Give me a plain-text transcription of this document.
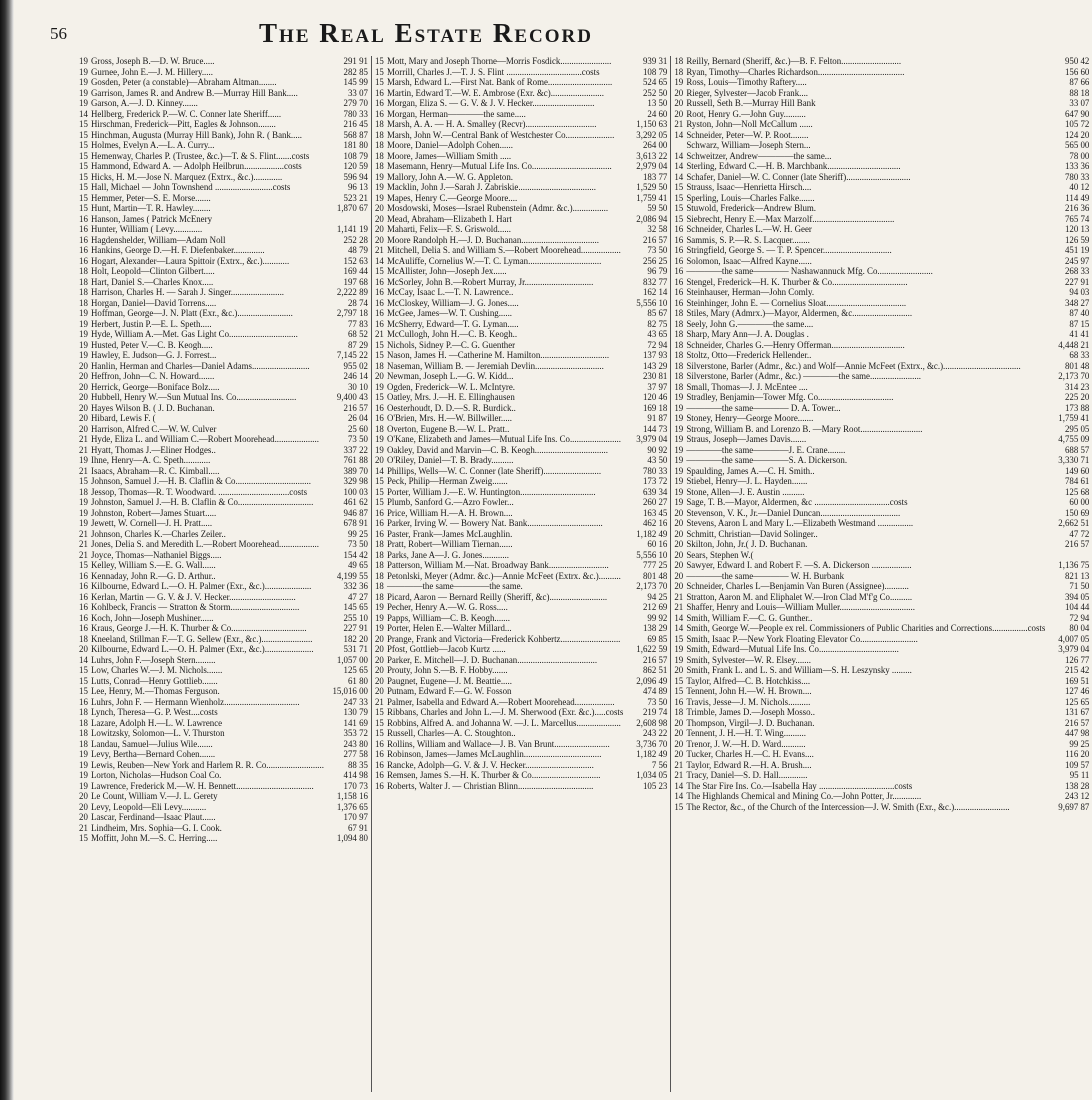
56	The Real Estate Record
19 Gross, Joseph B.—D. W. Bruce.....	291 91
19 Gurnee, John E.—J. M. Hillery.....	282 85
19 Gosden, Peter (a constable)—Abraham Altman........	145 99
19 Garrison, James R. and Andrew B.—Murray Hill Bank.....	33 07
19 Garson, A.—J. D. Kinney.......	279 70
14 Hellberg, Frederick P.—W. C. Conner late Sheriff......	780 33
15 Hirschman, Frederick—Pitt, Eagles & Johnson........	216 45
15 Hinchman, Augusta (Murray Hill Bank), John R. ( Bank.....	568 87
15 Holmes, Evelyn A.—L. A. Curry...	181 80
15 Hemenway, Charles P. (Trustee, &c.)—T. & S. Flint.......costs	108 79
15 Hammond, Edward A. — Adolph Heilbrun..................costs	120 59
15 Hicks, H. M.—Jose N. Marquez (Extrx., &c.).............	596 94
15 Hall, Michael — John Townshend ..........................costs	96 13
15 Hemmer, Peter—S. E. Morse.......	523 21
15 Hunt, Martin—T. R. Hawley........	1,870 67
16 Hanson, James ( Patrick McEnery
16 Hunter, William ( Levy.............	1,141 19
16 Hagdenshelder, William—Adam Noll	252 28
16 Hankins, George D.—H. F. Diefenbaker..............	48 79
16 Hogart, Alexander—Laura Spittoir (Extrx., &c.)............	152 63
18 Holt, Leopold—Clinton Gilbert.....	169 44
18 Hart, Daniel S.—Charles Knox.....	197 68
18 Harrison, Charles H. — Sarah J. Singer........................	2,222 89
18 Horgan, Daniel—David Torrens.....	28 74
19 Hoffman, George—J. N. Platt (Exr., &c.).........................	2,797 18
19 Herbert, Justin P.—E. L. Speth.....	77 83
19 Hyde, William A.—Met. Gas Light Co...............................	68 52
19 Husted, Peter V.—C. B. Keogh.....	87 29
19 Hawley, E. Judson—G. J. Forrest...	7,145 22
20 Hanlin, Herman and Charles—Daniel Adams..........................	955 02
20 Heffron, John—C. N. Howard.......	246 14
20 Herrick, George—Boniface Bolz.....	30 10
20 Hubbell, Henry W.—Sun Mutual Ins. Co...........................	9,400 43
20 Hayes Wilson B. ( J. D. Buchanan.	216 57
20 Hibard, Lewis F. (	26 04
20 Harrison, Alfred C.—W. W. Culver	25 60
21 Hyde, Eliza L. and William C.—Robert Moorehead....................	73 50
21 Hyatt, Thomas J.—Eliner Hodges..	337 22
19 Ihne, Henry—A. C. Speth............	761 88
21 Isaacs, Abraham—R. C. Kimball.....	389 70
15 Johnson, Samuel J.—H. B. Claflin & Co..................................	329 98
18 Jessop, Thomas—R. T. Woodward. ................................costs	100 03
19 Johnston, Samuel J.—H. B. Claflin & Co..................................	461 62
19 Johnston, Robert—James Stuart.....	946 87
19 Jewett, W. Cornell—J. H. Pratt.....	678 91
21 Johnson, Charles K.—Charles Zeiler..	99 25
21 Jones, Delia S. and Meredith L.—Robert Moorehead..................	73 50
21 Joyce, Thomas—Nathaniel Biggs.....	154 42
15 Kelley, William S.—E. G. Wall......	49 65
16 Kennaday, John R.—G. D. Arthur..	4,199 55
16 Kilbourne, Edward L.—O. H. Palmer (Exr., &c.).....................	332 36
16 Kerlan, Martin — G. V. & J. V. Hecker..............................	47 27
16 Kohlbeck, Francis — Stratton & Storm...............................	145 65
16 Koch, John—Joseph Mushiner......	255 10
16 Kraus, George J.—H. K. Thurber & Co..................................	227 91
18 Kneeland, Stillman F.—T. G. Sellew (Exr., &c.).......................	182 20
20 Kilbourne, Edward L.—O. H. Palmer (Exr., &c.)......................	531 71
14 Luhrs, John F.—Joseph Stern.........	1,057 00
15 Low, Charles W.—J. M. Nichols.......	125 65
15 Lutts, Conrad—Henry Gottlieb.......	61 80
15 Lee, Henry, M.—Thomas Ferguson.	15,016 00
16 Luhrs, John F. — Hermann Wienholz..................................	247 33
18 Lynch, Theresa—G. P. West....costs	130 79
18 Lazare, Adolph H.—L. W. Lawrence	141 69
18 Lowitzsky, Solomon—L. V. Thurston	353 72
18 Landau, Samuel—Julius Wile.......	243 80
19 Levy, Bertha—Bernard Cohen.......	277 58
19 Lewis, Reuben—New York and Harlem R. R. Co..........................	88 35
19 Lorton, Nicholas—Hudson Coal Co.	414 98
19 Lawrence, Frederick M.—W. H. Bennett...................................	170 73
20 Le Count, William V.—J. L. Gerety	1,158 16
20 Levy, Leopold—Eli Levy...........	1,376 65
20 Lascar, Ferdinand—Isaac Plaut......	170 97
21 Lindheim, Mrs. Sophia—G. I. Cook.	67 91
15 Moffitt, John M.—S. C. Herring.....	1,094 80
15 Mott, Mary and Joseph Thorne—Morris Fosdick.......................	939 31
15 Morrill, Charles J.—T. J. S. Flint ..................................costs	108 79
15 Marsh, Edward L.—First Nat. Bank of Rome.............................	524 65
16 Martin, Edward T.—W. E. Ambrose (Exr. &c)........................	252 50
16 Morgan, Eliza S. — G. V. & J. V. Hecker............................	13 50
16 Morgan, Herman————the same.....	24 60
18 Marsh, A. A. — H. A. Smalley (Recvr)................................	1,150 63
18 Marsh, John W.—Central Bank of Westchester Co......................	3,292 05
18 Moore, Daniel—Adolph Cohen......	264 00
18 Moore, James—William Smith .....	3,613 22
18 Masemann, Henry—Mutual Life Ins. Co....................................	2,979 04
19 Mallory, John A.—W. G. Appleton.	183 77
19 Macklin, John J.—Sarah J. Zabriskie...................................	1,529 50
19 Mapes, Henry C.—George Moore....	1,759 41
20 Mosdowski, Moses—Israel Rubenstein (Admr. &c.)................	59 50
20 Mead, Abraham—Elizabeth I. Hart	2,086 94
20 Maharti, Felix—F. S. Griswold......	32 58
20 Moore Randolph H.—J. D. Buchanan...................................	216 57
21 Mitchell, Delia S. and William S.—Robert Moorehead..................	73 50
14 McAuliffe, Cornelius W.—T. C. Lyman.................................	256 25
15 McAllister, John—Joseph Jex......	96 79
16 McSorley, John B.—Robert Murray, Jr...............................	832 77
16 McCay, Isaac L.—T. N. Lawrence..	162 14
16 McCloskey, William—J. G. Jones.....	5,556 10
16 McGee, James—W. T. Cushing......	85 67
16 McSherry, Edward—T. G. Lyman.....	82 75
21 McCullogh, John H.—C. B. Keogh..	43 65
15 Nichols, Sidney P.—C. G. Guenther	72 94
15 Nason, James H. —Catherine M. Hamilton...............................	137 93
18 Naseman, William B. — Jeremiah Devlin...............................	143 29
20 Newman, Joseph L.—G. W. Kidd...	230 81
19 Ogden, Frederick—W. L. McIntyre.	37 97
15 Oatley, Mrs. J.—H. E. Ellinghausen	120 46
16 Oesterhoudt, D. D.—S. R. Burdick..	169 18
16 O'Brien, Mrs. H.—W. Billwiller.....	91 87
18 Overton, Eugene B.—W. L. Pratt..	144 73
19 O'Kane, Elizabeth and James—Mutual Life Ins. Co.......................	3,979 04
19 Oakley, David and Marvin—C. B. Keogh.................................	90 92
20 O'Riley, Daniel—T. B. Brady..........	43 50
14 Phillips, Wells—W. C. Conner (late Sheriff)..........................	780 33
15 Peck, Philip—Herman Zweig.......	173 72
15 Porter, William J.—E. W. Huntington..................................	639 34
15 Plumb, Sanford G.—Azro Fowler...	260 27
16 Price, William H.—A. H. Brown....	163 45
16 Parker, Irving W. — Bowery Nat. Bank..................................	462 16
16 Paster, Frank—James McLaughlin.	1,182 49
18 Pratt, Robert—William Tiernan......	60 16
18 Parks, Jane A—J. G. Jones............	5,556 10
18 Patterson, William M.—Nat. Broadway Bank...........................	777 25
18 Petonlski, Meyer (Admr. &c.)—Annie McFeet (Extrx. &c.)..........	801 48
18 ————the same————the same.	2,173 70
18 Picard, Aaron — Bernard Reilly (Sheriff, &c)..........................	94 25
19 Pecher, Henry A.—W. G. Ross.....	212 69
19 Papps, William—C. B. Keogh.......	99 92
19 Porter, Helen E.—Walter Millard...	138 29
20 Prange, Frank and Victoria—Frederick Kohbertz...........................	69 85
20 Pfost, Gottlieb—Jacob Kurtz ......	1,622 59
20 Parker, E. Mitchell—J. D. Buchanan....................................	216 57
20 Prouty, John S.—B. F. Hobby.......	862 51
20 Paugnet, Eugene—J. M. Beattie.....	2,096 49
20 Putnam, Edward F.—G. W. Fosson	474 89
21 Palmer, Isabella and Edward A.—Robert Moorehead..................	73 50
15 Ribbans, Charles and John L.—J. M. Sherwood (Exr. &c.).....costs	219 74
15 Robbins, Alfred A. and Johanna W. —J. L. Marcellus....................	2,608 98
15 Russell, Charles—A. C. Stoughton..	243 22
16 Rollins, William and Wallace—J. B. Van Brunt.........................	3,736 70
16 Robinson, James—James McLaughlin...................................	1,182 49
16 Rancke, Adolph—G. V. & J. V. Hecker...............................	7 56
16 Remsen, James S.—H. K. Thurber & Co...............................	1,034 05
16 Roberts, Walter J. — Christian Blinn..................................	105 23
18 Reilly, Bernard (Sheriff, &c.)—B. F. Felton...........................	950 42
18 Ryan, Timothy—Charles Richardson.......................................	156 60
19 Ross, Louis—Timothy Raftery.....	87 66
20 Rieger, Sylvester—Jacob Frank....	88 18
20 Russell, Seth B.—Murray Hill Bank	33 07
20 Root, Henry G.—John Guy..........	647 90
21 Ryston, John—Noll McCallum ......	105 72
14 Schneider, Peter—W. P. Root........	124 20
Schwarz, William—Joseph Stern...	565 00
14 Schweitzer, Andrew————the same...	78 00
14 Sterling, Edward C.—H. B. Marchbank.................................	133 36
14 Schafer, Daniel—W. C. Conner (late Sheriff).............................	780 33
15 Strauss, Isaac—Henrietta Hirsch....	40 12
15 Sperling, Louis—Charles Falke.......	114 49
15 Stuwold, Frederick—Andrew Blum.	216 36
15 Siebrecht, Henry E.—Max Marzolf.....................................	765 74
16 Schneider, Charles L.—W. H. Geer	120 13
16 Sammis, S. P.—R. S. Lacquer........	126 59
16 Stringfield, George S. — T. P. Spencer...............................	451 19
16 Solomon, Isaac—Alfred Kayne......	245 97
16 ————the same———— Nashawannuck Mfg. Co.........................	268 33
16 Stengel, Frederick—H. K. Thurber & Co..................................	227 91
16 Steinhauser, Herman—John Comly.	94 03
16 Steinhinger, John E. — Cornelius Sloat....................................	348 27
18 Stiles, Mary (Admrx.)—Mayor, Aldermen, &c...........................	87 40
18 Seely, John G.————the same....	87 15
18 Sharp, Mary Ann—J. A. Douglas .	41 41
18 Schneider, Charles G.—Henry Offerman.................................	4,448 21
18 Stoltz, Otto—Frederick Hellender..	68 33
18 Silverstone, Barler (Admr., &c.) and Wolf—Annie McFeet (Extrx., &c.)...................................	801 48
18 Silverstone, Barler (Admr., &c.) ————the same.......................	2,173 70
18 Small, Thomas—J. J. McEntee ....	314 23
19 Stradley, Benjamin—Tower Mfg. Co..................................	225 20
19 ————the same———— D. A. Tower...	173 88
19 Stoney, Henry—George Moore.......	1,759 41
19 Strong, William B. and Lorenzo B. —Mary Root............................	295 05
19 Straus, Joseph—James Davis.......	4,755 09
19 ————the same————J. E. Crane........	688 57
19 ————the same————S. A. Dickerson.	3,330 71
19 Spaulding, James A.—C. H. Smith..	149 60
19 Stiebel, Henry—J. L. Hayden.......	784 61
19 Stone, Allen—J. E. Austin ..........	125 68
19 Sage, T. B.—Mayor, Aldermen, &c ..................................costs	60 00
20 Stevenson, V. K., Jr.—Daniel Duncan....................................	150 69
20 Stevens, Aaron L and Mary L.—Elizabeth Westmand ................	2,662 51
20 Schmitt, Christian—David Solinger..	47 72
20 Skilton, John, Jr.( J. D. Buchanan.	216 57
20 Sears, Stephen W.(
20 Sawyer, Edward I. and Robert F. —S. A. Dickerson ..................	1,136 75
20 ————the same———— W. H. Burbank	821 13
20 Schneider, Charles L—Benjamin Van Buren (Assignee)...........	71 50
21 Stratton, Aaron M. and Eliphalet W.—Iron Clad M'f'g Co..........	394 05
21 Shaffer, Henry and Louis—William Muller..................................	104 44
14 Smith, William F.—C. G. Gunther..	72 94
14 Smith, George W.—People ex rel. Commissioners of Public Charities and Corrections................costs	80 04
15 Smith, Isaac P.—New York Floating Elevator Co..........................	4,007 05
19 Smith, Edward—Mutual Life Ins. Co....................................	3,979 04
19 Smith, Sylvester—W. R. Elsey.......	126 77
20 Smith, Frank L. and L. S. and William—S. H. Leszynsky .........	215 42
15 Taylor, Alfred—C. B. Hotchkiss....	169 51
15 Tennent, John H.—W. H. Brown....	127 46
16 Travis, Jesse—J. M. Nichols..........	125 65
18 Trimble, James D.—Joseph Mosso..	131 67
20 Thompson, Virgil—J. D. Buchanan.	216 57
20 Tennent, J. H.—H. T. Wing..........	447 98
20 Trenor, J. W.—H. D. Ward...........	99 25
20 Tucker, Charles H.—C. H. Evans....	116 20
21 Taylor, Edward R.—H. A. Brush....	109 57
21 Tracy, Daniel—S. D. Hall.............	95 11
14 The Star Fire Ins. Co.—Isabella Hay ..................................costs	138 28
14 The Highlands Chemical and Mining Co.—John Potter, Jr.............	243 12
15 The Rector, &c., of the Church of the Intercession—J. W. Smith (Exr., &c.).........................	9,697 87
